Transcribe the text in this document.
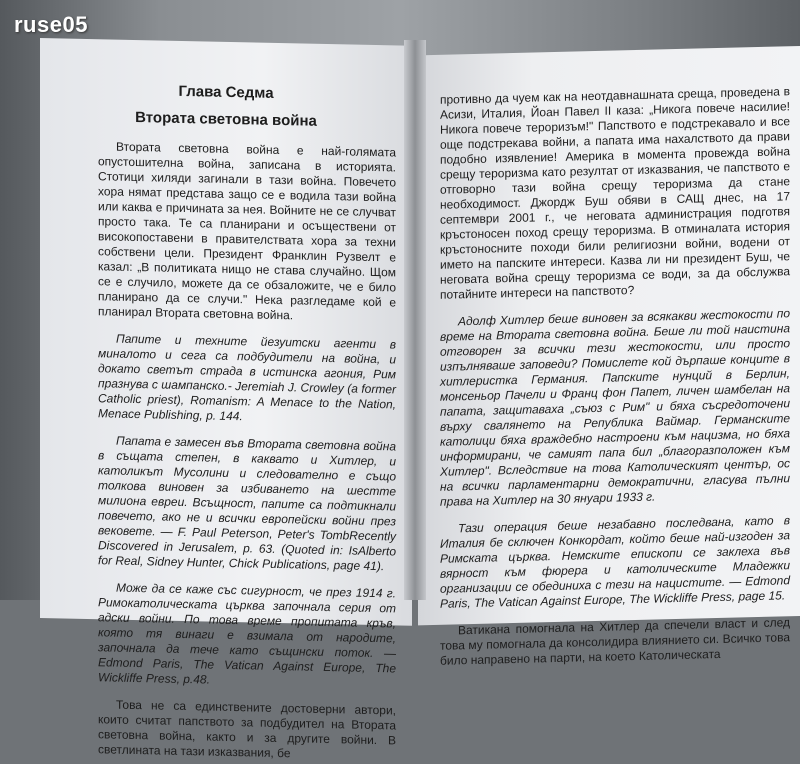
ruse05
Глава Седма
Втората световна война

Втората световна война е най-голямата опустошителна война, записана в историята. Стотици хиляди загинали в тази война. Повечето хора нямат представа защо се е водила тази война или каква е причината за нея. Войните не се случват просто така. Те са планирани и осъществени от високопоставени в правителствата хора за техни собствени цели. Президент Франклин Рузвелт е казал: „В политиката нищо не става случайно. Щом се е случило, можете да се обзаложите, че е било планирано да се случи." Нека разгледаме кой е планирал Втората световна война.

Папите и техните йезуитски агенти в миналото и сега са подбудители на война, и докато светът страда в истинска агония, Рим празнува с шампанско.- Jeremiah J. Crowley (a former Catholic priest), Romanism: A Menace to the Nation, Menace Publishing, p. 144.

Папата е замесен във Втората световна война в същата степен, в каквато и Хитлер, и католикът Мусолини и следователно е също толкова виновен за избиването на шестте милиона евреи. Всъщност, папите са подтикнали повечето, ако не и всички европейски войни през вековете. — F. Paul Peterson, Peter's TombRecently Discovered in Jerusalem, p. 63. (Quoted in: IsAlberto for Real, Sidney Hunter, Chick Publications, page 41).

Може да се каже със сигурност, че през 1914 г. Римокатолическата църква започнала серия от адски войни. По това време пропитата кръв, която тя винаги е взимала от народите, започнала да тече като същински поток. — Edmond Paris, The Vatican Against Europe, The Wickliffe Press, p.48.

Това не са единствените достоверни автори, които считат папството за подбудител на Втората световна война, както и за другите войни. В светлината на тази изказвания, бе

противно да чуем как на неотдавнашната среща, проведена в Асизи, Италия, Йоан Павел II каза: „Никога повече насилие! Никога повече тероризъм!" Папството е подстрекавало и все още подстрекава войни, а папата има нахалството да прави подобно изявление! Америка в момента провежда война срещу тероризма като резултат от изказвания, че папството е отговорно тази война срещу тероризма да стане необходимост. Джордж Буш обяви в САЩ днес, на 17 септември 2001 г., че неговата администрация подготвя кръстоносен поход срещу тероризма. В отминалата история кръстоносните походи били религиозни войни, водени от името на папските интереси. Казва ли ни президент Буш, че неговата война срещу тероризма се води, за да обслужва потайните интереси на папството?

Адолф Хитлер беше виновен за всякакви жестокости по време на Втората световна война. Беше ли той наистина отговорен за всички тези жестокости, или просто изпълняваше заповеди? Помислете кой дърпаше конците в хитлеристка Германия. Папските нунций в Берлин, монсеньор Пачели и Франц фон Папет, личен шамбелан на папата, защитаваха „съюз с Рим" и бяха съсредоточени върху свалянето на Република Ваймар. Германските католици бяха враждебно настроени към нацизма, но бяха информирани, че самият папа бил „благоразположен към Хитлер". Вследствие на това Католическият център, ос на всички парламентарни демократични, гласува пълни права на Хитлер на 30 януари 1933 г.

Тази операция беше незабавно последвана, като в Италия бе сключен Конкордат, който беше най-изгоден за Римската църква. Немските епископи се заклеха във вярност към фюрера и католическите Младежки организации се обединиха с тези на нацистите. — Edmond Paris, The Vatican Against Europe, The Wickliffe Press, page 15.

Ватикана помогнала на Хитлер да спечели власт и след това му помогнала да консолидира влиянието си. Всичко това било направено на парти, на което Католическата
